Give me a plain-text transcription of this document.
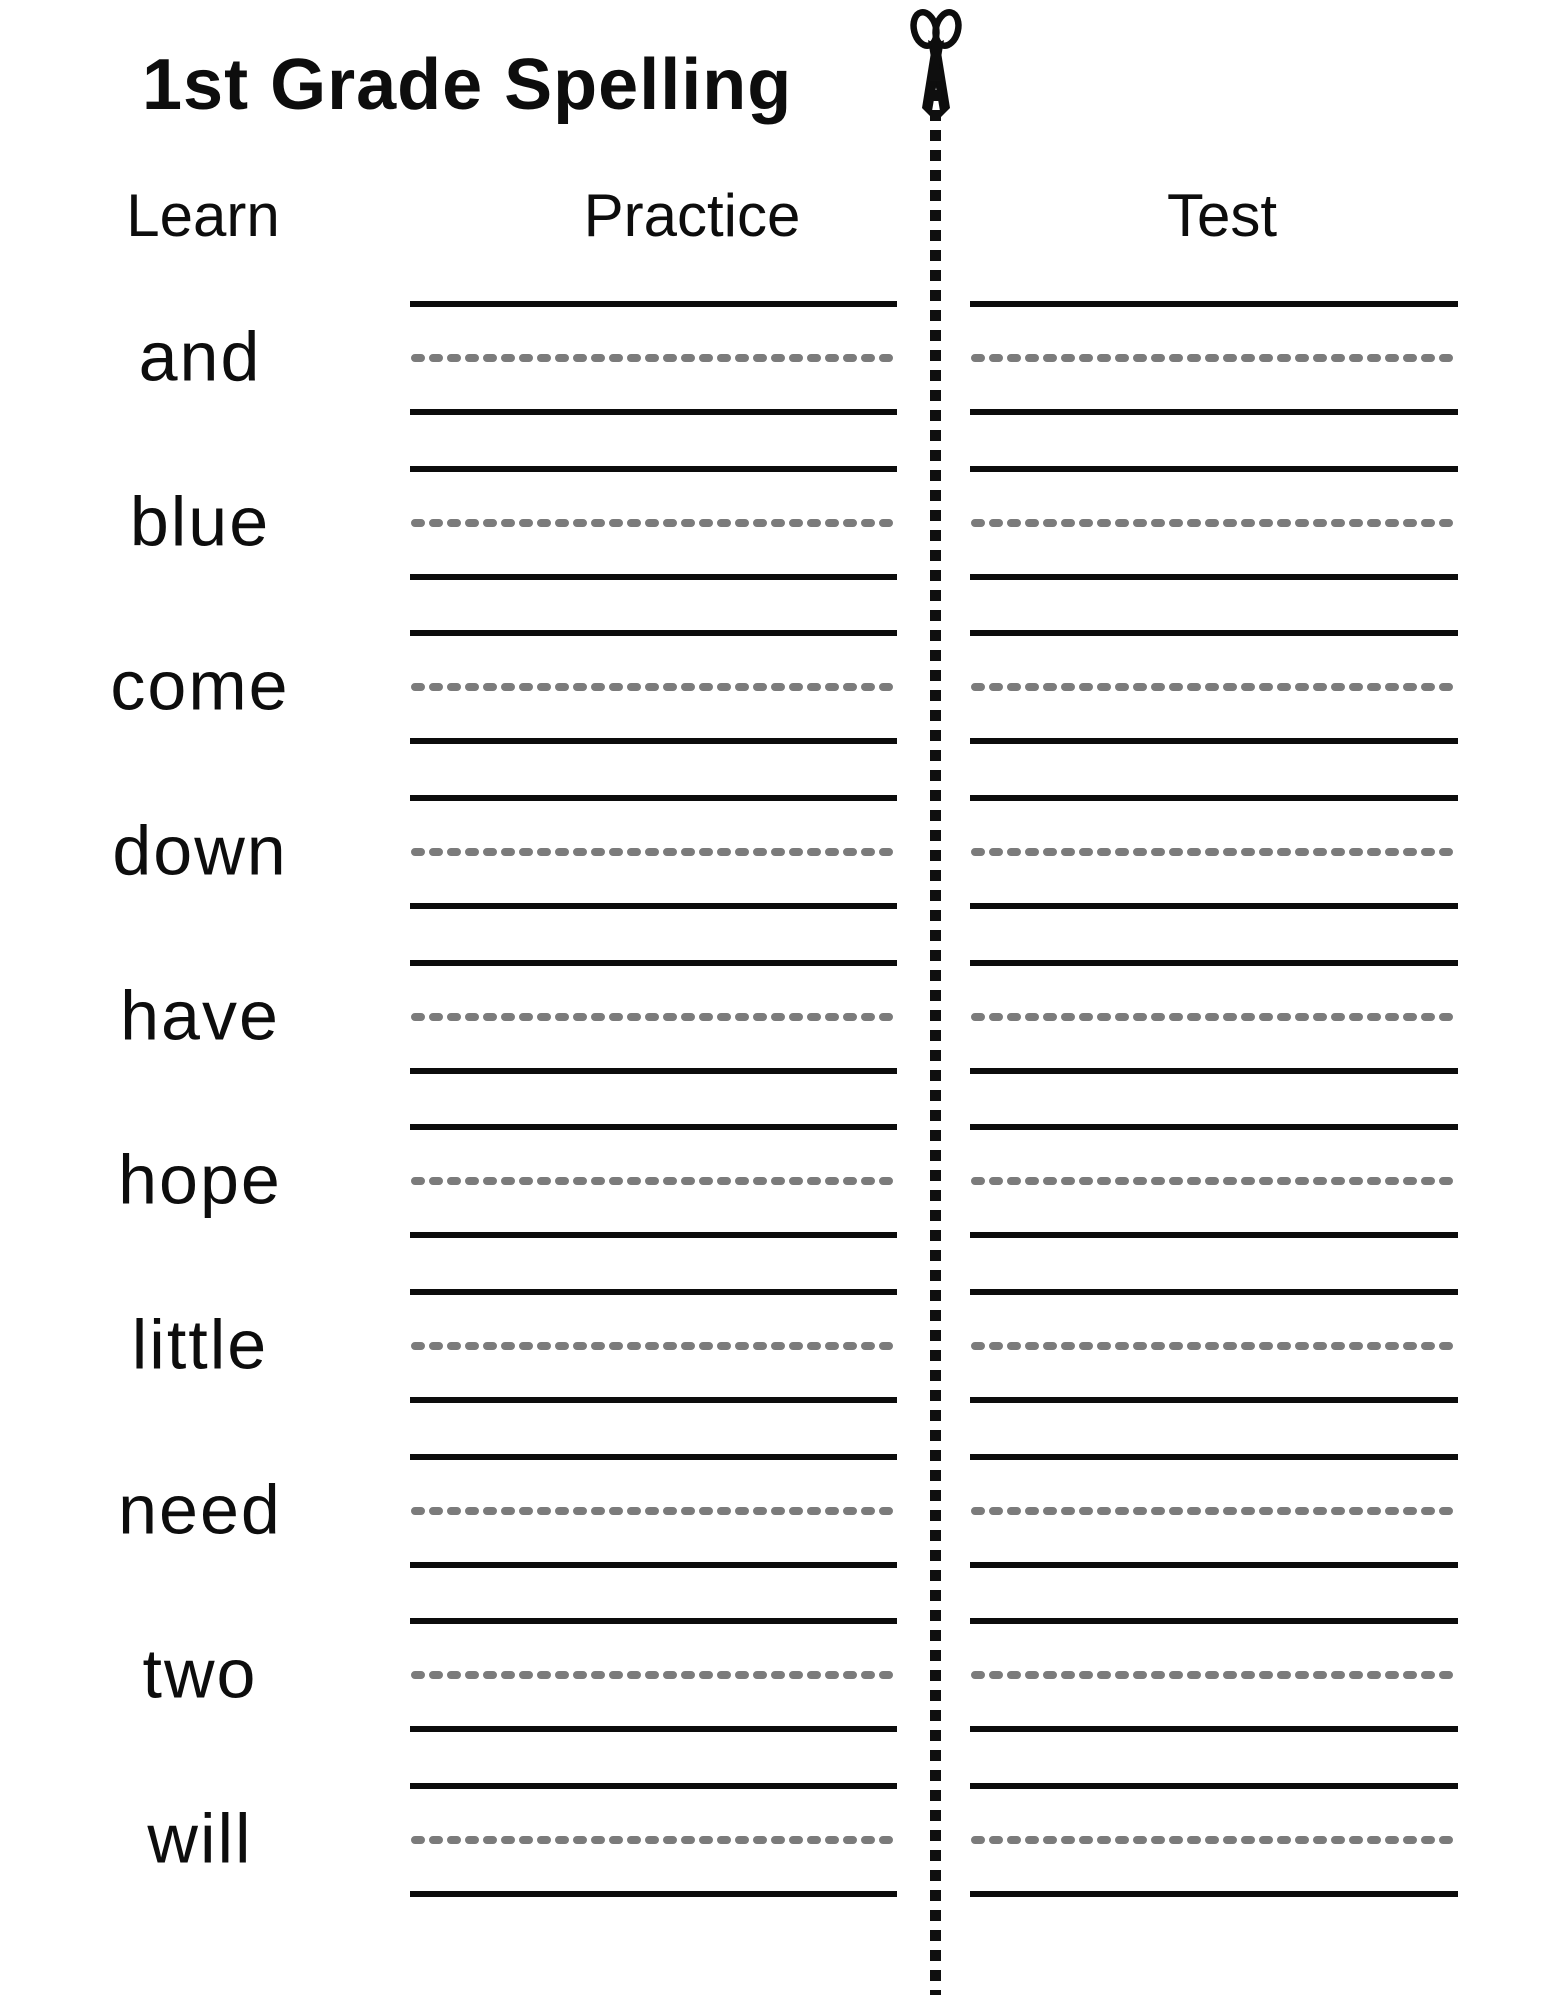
1st Grade Spelling
Learn	Practice	Test
and
blue
come
down
have
hope
little
need
two
will
